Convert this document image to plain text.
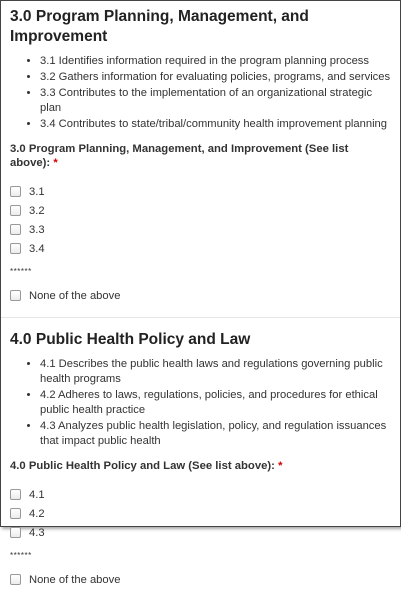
3.0 Program Planning, Management, and Improvement
• 3.1 Identifies information required in the program planning process
• 3.2 Gathers information for evaluating policies, programs, and services
• 3.3 Contributes to the implementation of an organizational strategic plan
• 3.4 Contributes to state/tribal/community health improvement planning
3.0 Program Planning, Management, and Improvement (See list above): *
3.1
3.2
3.3
3.4
******
None of the above
4.0 Public Health Policy and Law
• 4.1 Describes the public health laws and regulations governing public health programs
• 4.2 Adheres to laws, regulations, policies, and procedures for ethical public health practice
• 4.3 Analyzes public health legislation, policy, and regulation issuances that impact public health
4.0 Public Health Policy and Law (See list above): *
4.1
4.2
4.3
******
None of the above
